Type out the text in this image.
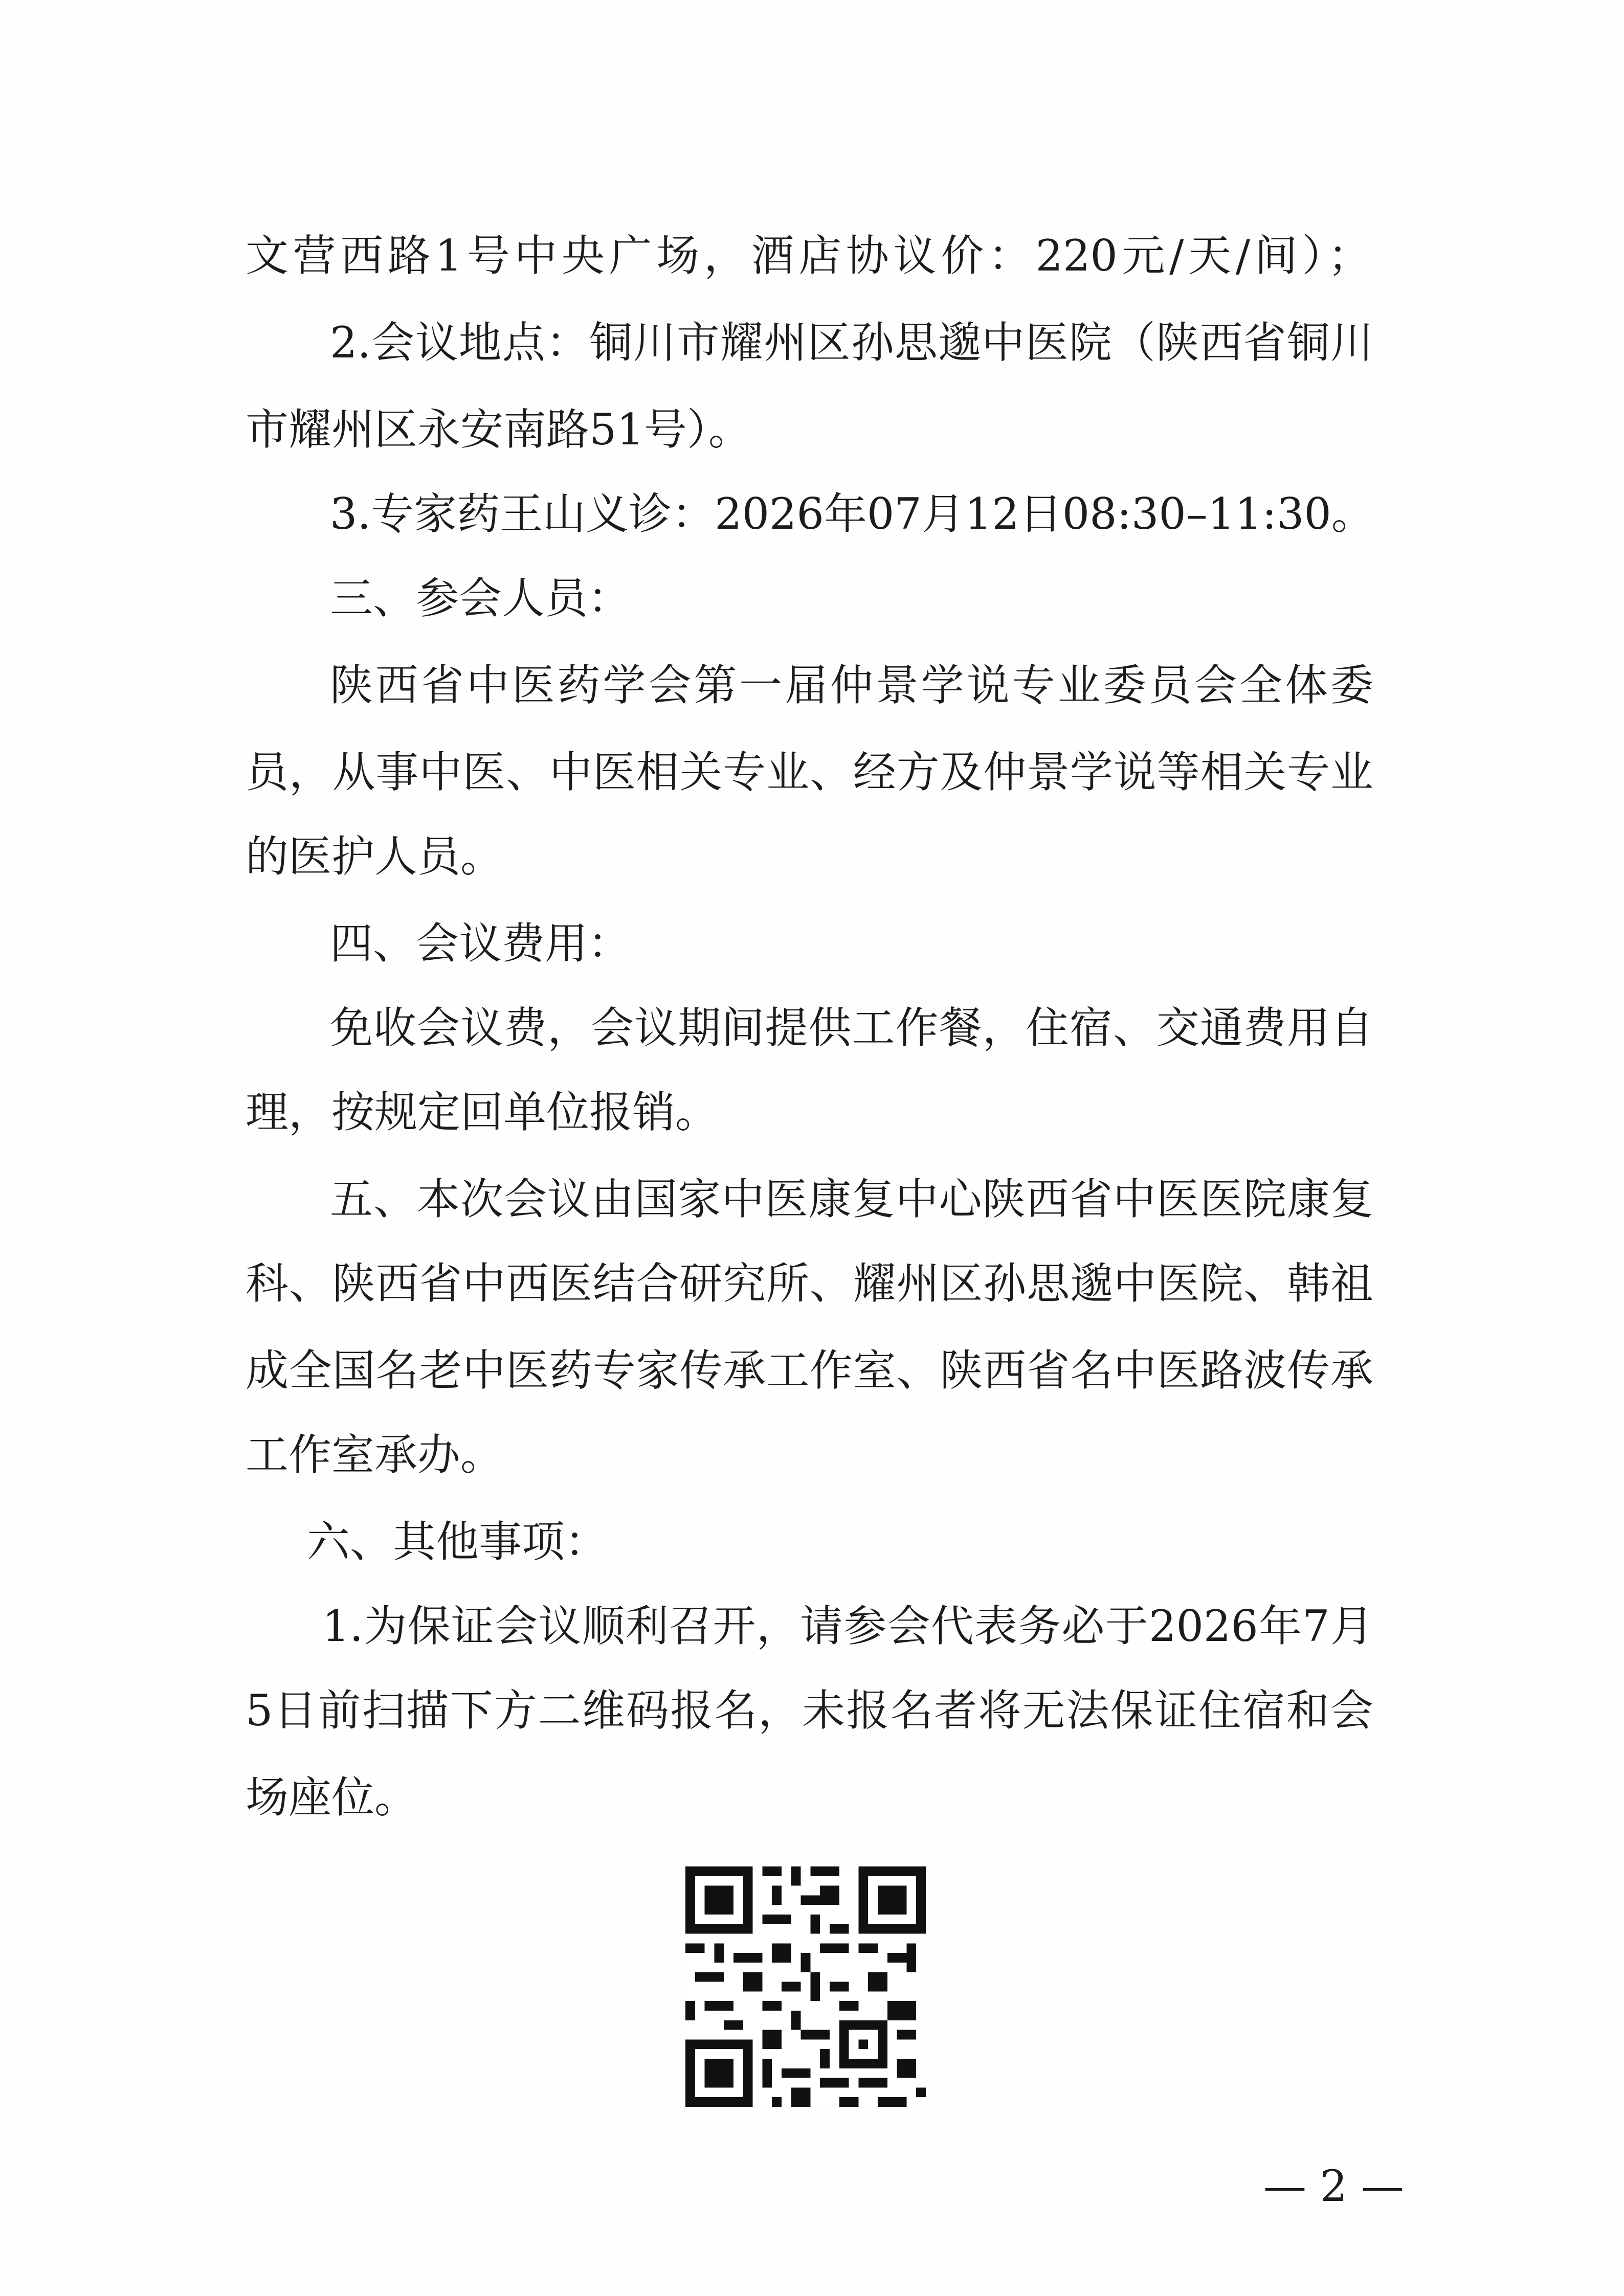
文营西路1号中央广场，酒店协议价：220元/天/间）；
2.会议地点：铜川市耀州区孙思邈中医院（陕西省铜川
市耀州区永安南路51号）。
3.专家药王山义诊：2026年07月12日08:30–11:30。
三、参会人员：
陕西省中医药学会第一届仲景学说专业委员会全体委
员，从事中医、中医相关专业、经方及仲景学说等相关专业
的医护人员。
四、会议费用：
免收会议费，会议期间提供工作餐，住宿、交通费用自
理，按规定回单位报销。
五、本次会议由国家中医康复中心陕西省中医医院康复
科、陕西省中西医结合研究所、耀州区孙思邈中医院、韩祖
成全国名老中医药专家传承工作室、陕西省名中医路波传承
工作室承办。
六、其他事项：
1.为保证会议顺利召开，请参会代表务必于2026年7月
5日前扫描下方二维码报名，未报名者将无法保证住宿和会
场座位。
— 2 —
